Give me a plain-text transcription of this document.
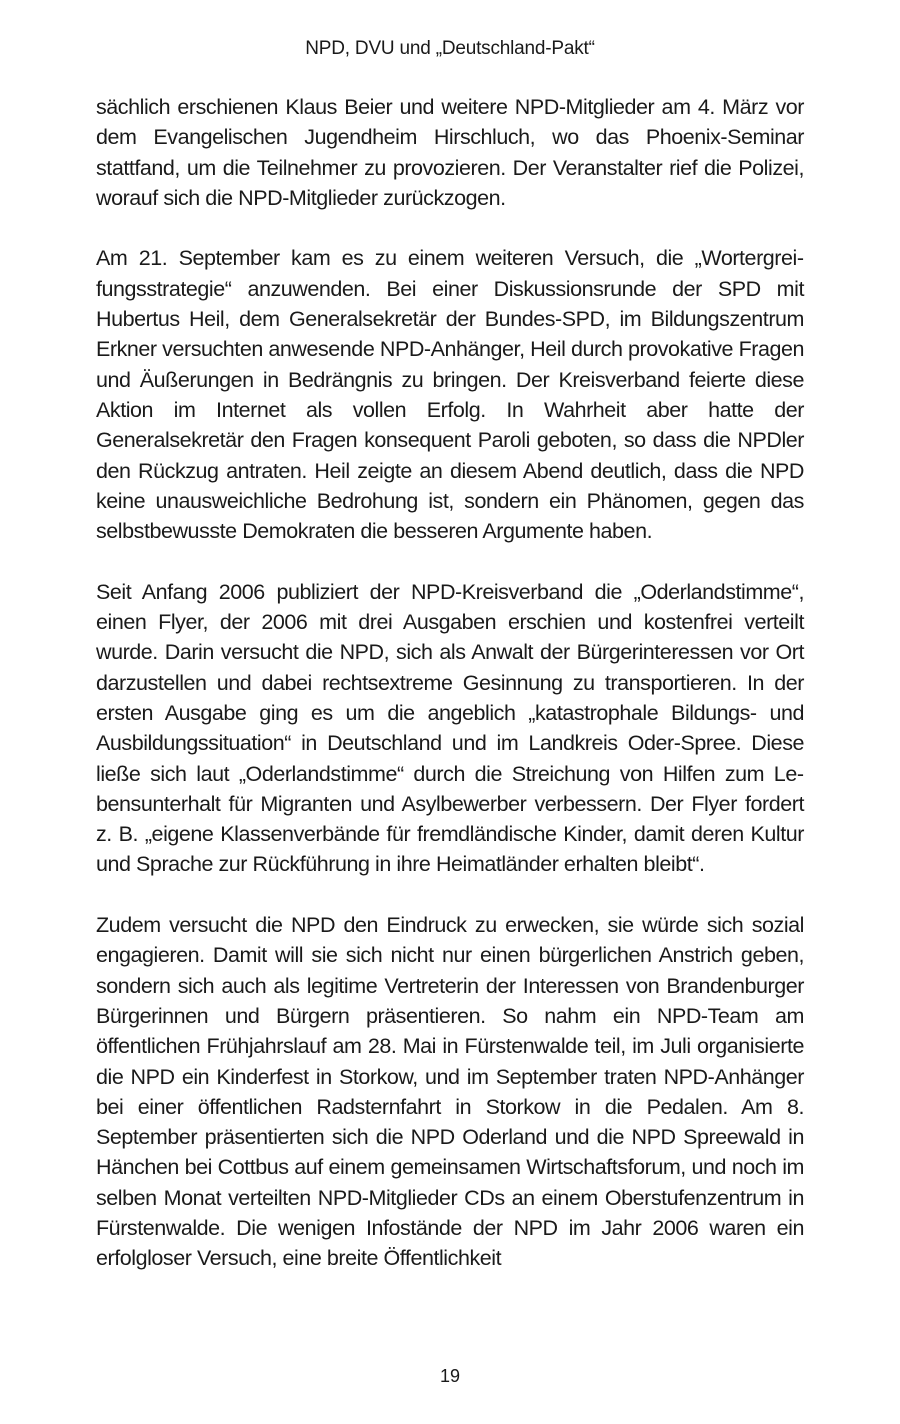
NPD, DVU und „Deutschland-Pakt“

sächlich erschienen Klaus Beier und weitere NPD-Mitglieder am 4. März vor dem Evangelischen Jugendheim Hirschluch, wo das Phoenix-Seminar stattfand, um die Teilnehmer zu provozieren. Der Veranstalter rief die Polizei, worauf sich die NPD-Mitglieder zurückzogen.

Am 21. September kam es zu einem weiteren Versuch, die „Wortergreifungsstrategie“ anzuwenden. Bei einer Diskussionsrunde der SPD mit Hubertus Heil, dem Generalsekretär der Bundes-SPD, im Bildungszentrum Erkner versuchten anwesende NPD-Anhänger, Heil durch provokative Fragen und Äußerungen in Bedrängnis zu bringen. Der Kreisverband feierte diese Aktion im Internet als vollen Erfolg. In Wahrheit aber hatte der Generalsekretär den Fragen konsequent Paroli geboten, so dass die NPDler den Rückzug antraten. Heil zeigte an diesem Abend deutlich, dass die NPD keine unausweichliche Bedrohung ist, sondern ein Phänomen, gegen das selbstbewusste Demokraten die besseren Argumente haben.

Seit Anfang 2006 publiziert der NPD-Kreisverband die „Oderlandstimme“, einen Flyer, der 2006 mit drei Ausgaben erschien und kostenfrei verteilt wurde. Darin versucht die NPD, sich als Anwalt der Bürgerinteressen vor Ort darzustellen und dabei rechtsextreme Gesinnung zu transportieren. In der ersten Ausgabe ging es um die angeblich „katastrophale Bildungs- und Ausbildungssituation“ in Deutschland und im Landkreis Oder-Spree. Diese ließe sich laut „Oderlandstimme“ durch die Streichung von Hilfen zum Lebensunterhalt für Migranten und Asylbewerber verbessern. Der Flyer fordert z. B. „eigene Klassenverbände für fremdländische Kinder, damit deren Kultur und Sprache zur Rückführung in ihre Heimatländer erhalten bleibt“.

Zudem versucht die NPD den Eindruck zu erwecken, sie würde sich sozial engagieren. Damit will sie sich nicht nur einen bürgerlichen Anstrich geben, sondern sich auch als legitime Vertreterin der Interessen von Brandenburger Bürgerinnen und Bürgern präsentieren. So nahm ein NPD-Team am öffentlichen Frühjahrslauf am 28. Mai in Fürstenwalde teil, im Juli organisierte die NPD ein Kinderfest in Storkow, und im September traten NPD-Anhänger bei einer öffentlichen Radsternfahrt in Storkow in die Pedalen. Am 8. September präsentierten sich die NPD Oderland und die NPD Spreewald in Hänchen bei Cottbus auf einem gemeinsamen Wirtschaftsforum, und noch im selben Monat verteilten NPD-Mitglieder CDs an einem Oberstufenzentrum in Fürstenwalde. Die wenigen Infostände der NPD im Jahr 2006 waren ein erfolgloser Versuch, eine breite Öffentlichkeit

19
